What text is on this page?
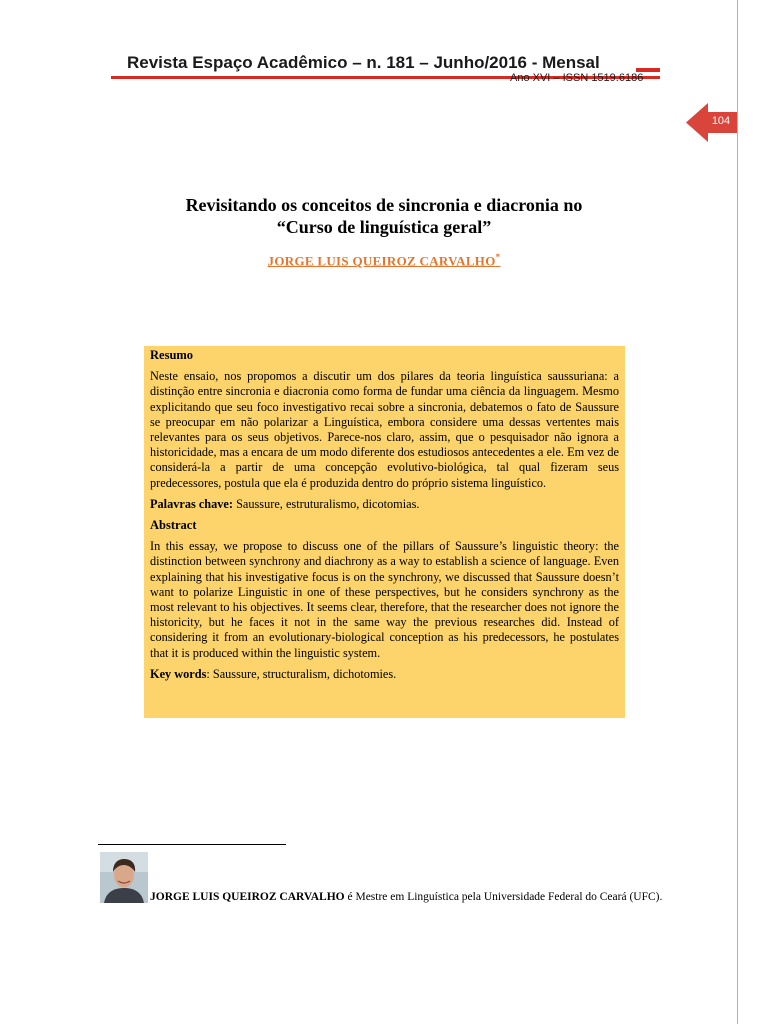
Revista Espaço Acadêmico – n. 181 – Junho/2016 - Mensal
Ano XVI – ISSN 1519.6186
104
Revisitando os conceitos de sincronia e diacronia no
“Curso de linguística geral”
JORGE LUIS QUEIROZ CARVALHO*
Resumo

Neste ensaio, nos propomos a discutir um dos pilares da teoria linguística saussuriana: a distinção entre sincronia e diacronia como forma de fundar uma ciência da linguagem. Mesmo explicitando que seu foco investigativo recai sobre a sincronia, debatemos o fato de Saussure se preocupar em não polarizar a Linguística, embora considere uma dessas vertentes mais relevantes para os seus objetivos. Parece-nos claro, assim, que o pesquisador não ignora a historicidade, mas a encara de um modo diferente dos estudiosos antecedentes a ele. Em vez de considerá-la a partir de uma concepção evolutivo-biológica, tal qual fizeram seus predecessores, postula que ela é produzida dentro do próprio sistema linguístico.

Palavras chave: Saussure, estruturalismo, dicotomias.

Abstract

In this essay, we propose to discuss one of the pillars of Saussure’s linguistic theory: the distinction between synchrony and diachrony as a way to establish a science of language. Even explaining that his investigative focus is on the synchrony, we discussed that Saussure doesn’t want to polarize Linguistic in one of these perspectives, but he considers synchrony as the most relevant to his objectives. It seems clear, therefore, that the researcher does not ignore the historicity, but he faces it not in the same way the previous researches did. Instead of considering it from an evolutionary-biological conception as his predecessors, he postulates that it is produced within the linguistic system.

Key words: Saussure, structuralism, dichotomies.

JORGE LUIS QUEIROZ CARVALHO é Mestre em Linguística pela Universidade Federal do Ceará (UFC).
